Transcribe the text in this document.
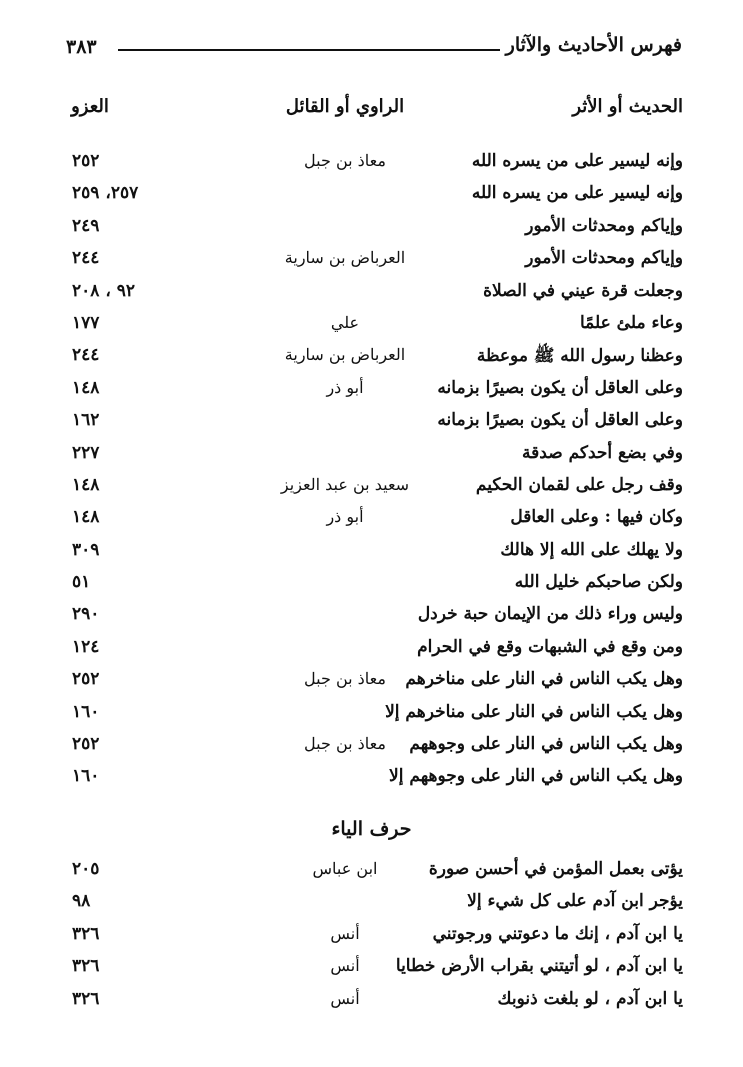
فهرس الأحاديث والآثار
٣٨٣
الحديث أو الأثر
الراوي أو القائل
العزو
وإنه ليسير على من يسره الله
معاذ بن جبل
٢٥٢
وإنه ليسير على من يسره الله
٢٥٧، ٢٥٩
وإياكم ومحدثات الأمور
٢٤٩
وإياكم ومحدثات الأمور
العرباض بن سارية
٢٤٤
وجعلت قرة عيني في الصلاة
٩٢ ، ٢٠٨
وعاء ملئ علمًا
علي
١٧٧
وعظنا رسول الله ﷺ موعظة
العرباض بن سارية
٢٤٤
وعلى العاقل أن يكون بصيرًا بزمانه
أبو ذر
١٤٨
وعلى العاقل أن يكون بصيرًا بزمانه
١٦٢
وفي بضع أحدكم صدقة
٢٢٧
وقف رجل على لقمان الحكيم
سعيد بن عبد العزيز
١٤٨
وكان فيها : وعلى العاقل
أبو ذر
١٤٨
ولا يهلك على الله إلا هالك
٣٠٩
ولكن صاحبكم خليل الله
٥١
وليس وراء ذلك من الإيمان حبة خردل
٢٩٠
ومن وقع في الشبهات وقع في الحرام
١٢٤
وهل يكب الناس في النار على مناخرهم
معاذ بن جبل
٢٥٢
وهل يكب الناس في النار على مناخرهم إلا
١٦٠
وهل يكب الناس في النار على وجوههم
معاذ بن جبل
٢٥٢
وهل يكب الناس في النار على وجوههم إلا
١٦٠
حرف الياء
يؤتى بعمل المؤمن في أحسن صورة
ابن عباس
٢٠٥
يؤجر ابن آدم على كل شيء إلا
٩٨
يا ابن آدم ، إنك ما دعوتني ورجوتني
أنس
٣٢٦
يا ابن آدم ، لو أتيتني بقراب الأرض خطايا
أنس
٣٢٦
يا ابن آدم ، لو بلغت ذنوبك
أنس
٣٢٦
